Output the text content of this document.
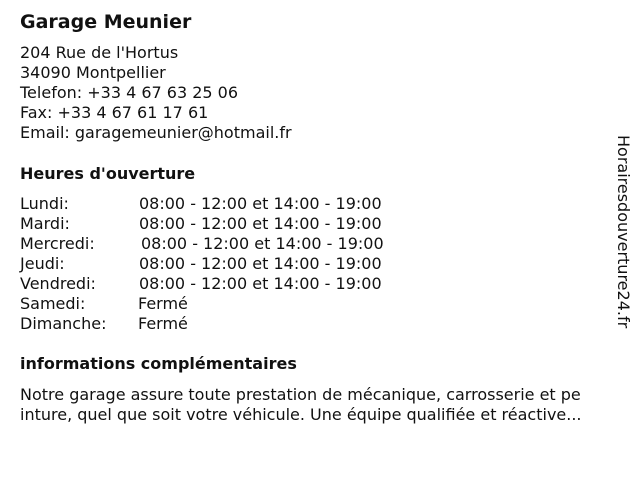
Garage Meunier
204 Rue de l'Hortus
34090 Montpellier
Telefon: +33 4 67 63 25 06
Fax: +33 4 67 61 17 61
Email: garagemeunier@hotmail.fr
Heures d'ouverture
Lundi:	08:00 - 12:00 et 14:00 - 19:00
Mardi:	08:00 - 12:00 et 14:00 - 19:00
Mercredi:	08:00 - 12:00 et 14:00 - 19:00
Jeudi:	08:00 - 12:00 et 14:00 - 19:00
Vendredi:	08:00 - 12:00 et 14:00 - 19:00
Samedi:	Fermé
Dimanche: Fermé
informations complémentaires
Notre garage assure toute prestation de mécanique, carrosserie et pe
inture, quel que soit votre véhicule. Une équipe qualifiée et réactive...
Horairesdouverture24.fr
